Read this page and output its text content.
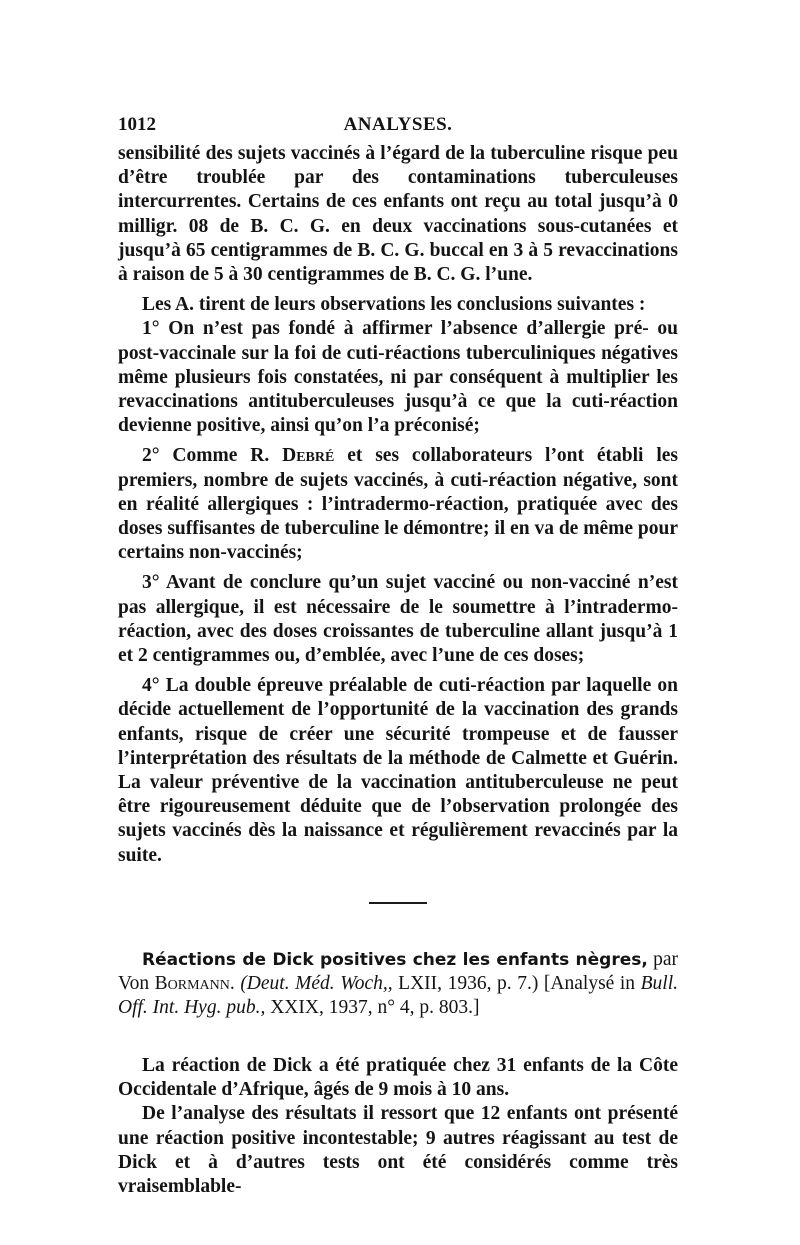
1012	ANALYSES.

sensibilité des sujets vaccinés à l’égard de la tuberculine risque peu d’être troublée par des contaminations tuberculeuses intercurrentes. Certains de ces enfants ont reçu au total jusqu’à 0 milligr. 08 de B. C. G. en deux vaccinations sous-cutanées et jusqu’à 65 centigrammes de B. C. G. buccal en 3 à 5 revaccinations à raison de 5 à 30 centigrammes de B. C. G. l’une.

Les A. tirent de leurs observations les conclusions suivantes :

1° On n’est pas fondé à affirmer l’absence d’allergie pré- ou post-vaccinale sur la foi de cuti-réactions tuberculiniques négatives même plusieurs fois constatées, ni par conséquent à multiplier les revaccinations antituberculeuses jusqu’à ce que la cuti-réaction devienne positive, ainsi qu’on l’a préconisé;

2° Comme R. Debré et ses collaborateurs l’ont établi les premiers, nombre de sujets vaccinés, à cuti-réaction négative, sont en réalité allergiques : l’intradermo-réaction, pratiquée avec des doses suffisantes de tuberculine le démontre; il en va de même pour certains non-vaccinés;

3° Avant de conclure qu’un sujet vacciné ou non-vacciné n’est pas allergique, il est nécessaire de le soumettre à l’intradermo-réaction, avec des doses croissantes de tuberculine allant jusqu’à 1 et 2 centigrammes ou, d’emblée, avec l’une de ces doses;

4° La double épreuve préalable de cuti-réaction par laquelle on décide actuellement de l’opportunité de la vaccination des grands enfants, risque de créer une sécurité trompeuse et de fausser l’interprétation des résultats de la méthode de Calmette et Guérin. La valeur préventive de la vaccination antituberculeuse ne peut être rigoureusement déduite que de l’observation prolongée des sujets vaccinés dès la naissance et régulièrement revaccinés par la suite.

Réactions de Dick positives chez les enfants nègres, par Von Bormann. (Deut. Méd. Woch,, LXII, 1936, p. 7.) [Analysé in Bull. Off. Int. Hyg. pub., XXIX, 1937, n° 4, p. 803.]

La réaction de Dick a été pratiquée chez 31 enfants de la Côte Occidentale d’Afrique, âgés de 9 mois à 10 ans.

De l’analyse des résultats il ressort que 12 enfants ont présenté une réaction positive incontestable; 9 autres réagissant au test de Dick et à d’autres tests ont été considérés comme très vraisemblable-
